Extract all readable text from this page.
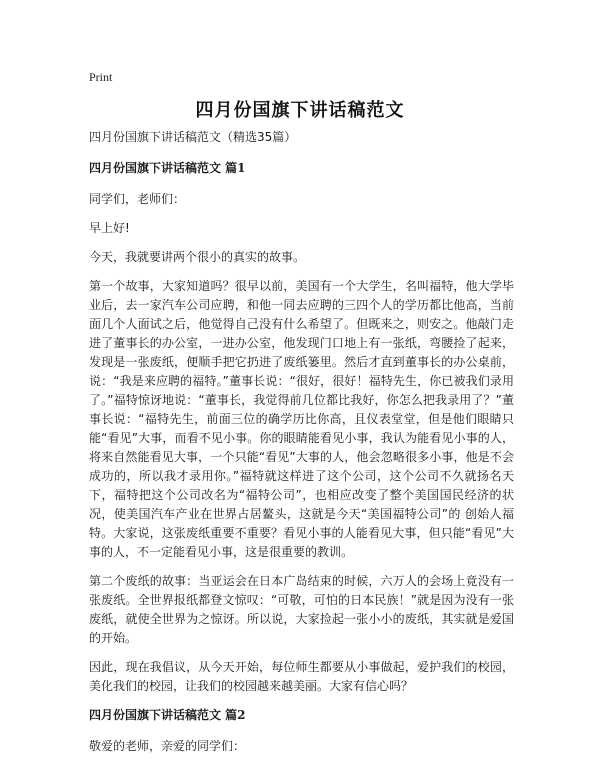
Print
四月份国旗下讲话稿范文

四月份国旗下讲话稿范文（精选35篇）

四月份国旗下讲话稿范文 篇1

同学们，老师们：

早上好!

今天，我就要讲两个很小的真实的故事。

第一个故事，大家知道吗？很早以前，美国有一个大学生，名叫福特，他大学毕业后，去一家汽车公司应聘，和他一同去应聘的三四个人的学历都比他高，当前面几个人面试之后，他觉得自己没有什么希望了。但既来之，则安之。他敲门走进了董事长的办公室，一进办公室，他发现门口地上有一张纸，弯腰捡了起来，发现是一张废纸，便顺手把它扔进了废纸篓里。然后才直到董事长的办公桌前，说：“我是来应聘的福特。”董事长说：“很好，很好！福特先生，你已被我们录用了。”福特惊讶地说：“董事长，我觉得前几位都比我好，你怎么把我录用了？”董事长说：“福特先生，前面三位的确学历比你高，且仪表堂堂，但是他们眼睛只能“看见”大事，而看不见小事。你的眼睛能看见小事，我认为能看见小事的人，将来自然能看见大事，一个只能“看见”大事的人，他会忽略很多小事，他是不会成功的，所以我才录用你。”福特就这样进了这个公司，这个公司不久就扬名天下，福特把这个公司改名为“福特公司”，也相应改变了整个美国国民经济的状况，使美国汽车产业在世界占居鳌头，这就是今天“美国福特公司”的 创始人福特。大家说，这张废纸重要不重要？看见小事的人能看见大事，但只能“看见”大事的人，不一定能看见小事，这是很重要的教训。

第二个废纸的故事：当亚运会在日本广岛结束的时候，六万人的会场上竟没有一张废纸。全世界报纸都登文惊叹：“可敬，可怕的日本民族！”就是因为没有一张废纸，就使全世界为之惊讶。所以说，大家捡起一张小小的废纸，其实就是爱国的开始。

因此，现在我倡议，从今天开始，每位师生都要从小事做起，爱护我们的校园，美化我们的校园，让我们的校园越来越美丽。大家有信心吗？

四月份国旗下讲话稿范文 篇2

敬爱的老师，亲爱的同学们：
